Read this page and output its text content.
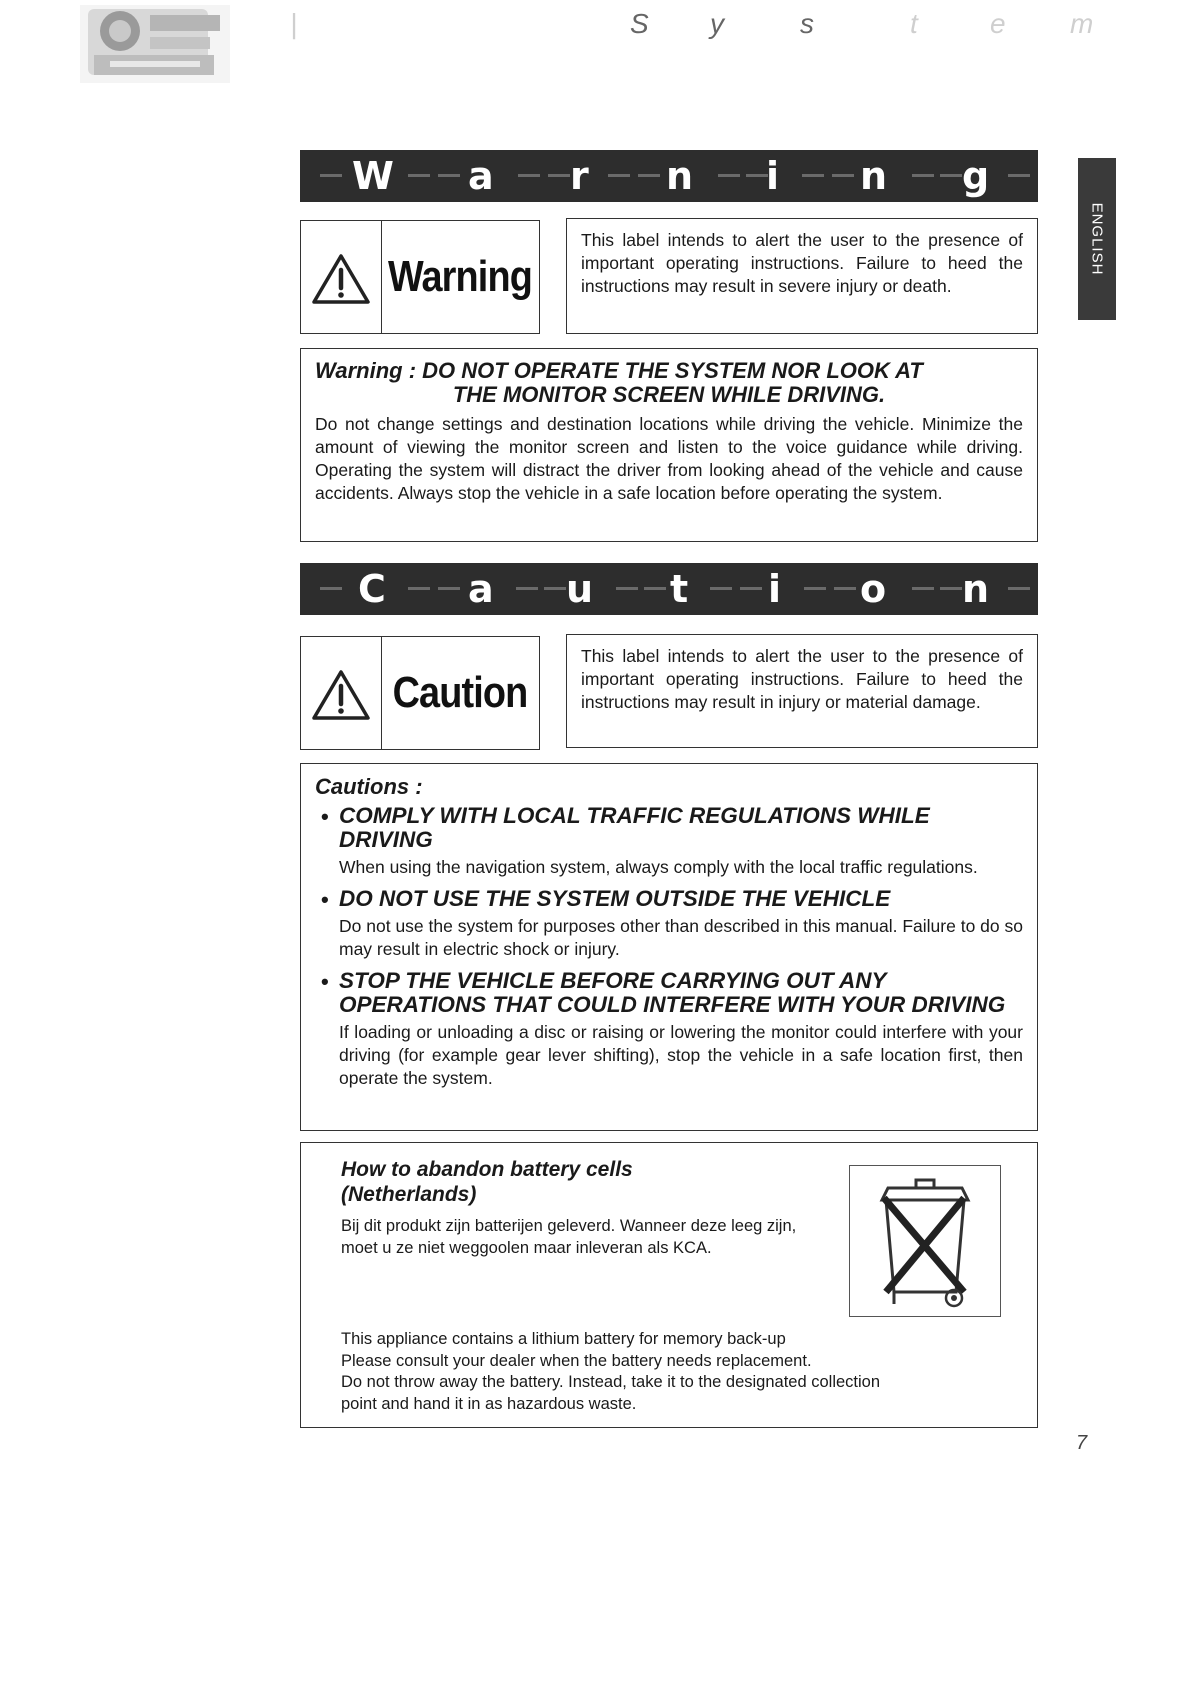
|	S y	s	t	e m
ENGLISH
W a r n i n g
Warning

This label intends to alert the user to the presence of important operating instructions. Failure to heed the instructions may result in severe injury or death.

Warning : DO NOT OPERATE THE SYSTEM NOR LOOK AT
THE MONITOR SCREEN WHILE DRIVING.

Do not change settings and destination locations while driving the vehicle. Minimize the amount of viewing the monitor screen and listen to the voice guidance while driving. Operating the system will distract the driver from looking ahead of the vehicle and cause accidents. Always stop the vehicle in a safe location before operating the system.

C a u t i o n
Caution

This label intends to alert the user to the presence of important operating instructions. Failure to heed the instructions may result in injury or material damage.

Cautions :

• COMPLY WITH LOCAL TRAFFIC REGULATIONS WHILE DRIVING

When using the navigation system, always comply with the local traffic regulations.

• DO NOT USE THE SYSTEM OUTSIDE THE VEHICLE

Do not use the system for purposes other than described in this manual. Failure to do so may result in electric shock or injury.

• STOP THE VEHICLE BEFORE CARRYING OUT ANY OPERATIONS THAT COULD INTERFERE WITH YOUR DRIVING

If loading or unloading a disc or raising or lowering the monitor could interfere with your driving (for example gear lever shifting), stop the vehicle in a safe location first, then operate the system.

How to abandon battery cells
(Netherlands)

Bij dit produkt zijn batterijen geleverd. Wanneer deze leeg zijn, moet u ze niet weggoolen maar inleveran als KCA.

This appliance contains a lithium battery for memory back-up

Please consult your dealer when the battery needs replacement.

Do not throw away the battery. Instead, take it to the designated collection

point and hand it in as hazardous waste.

7
